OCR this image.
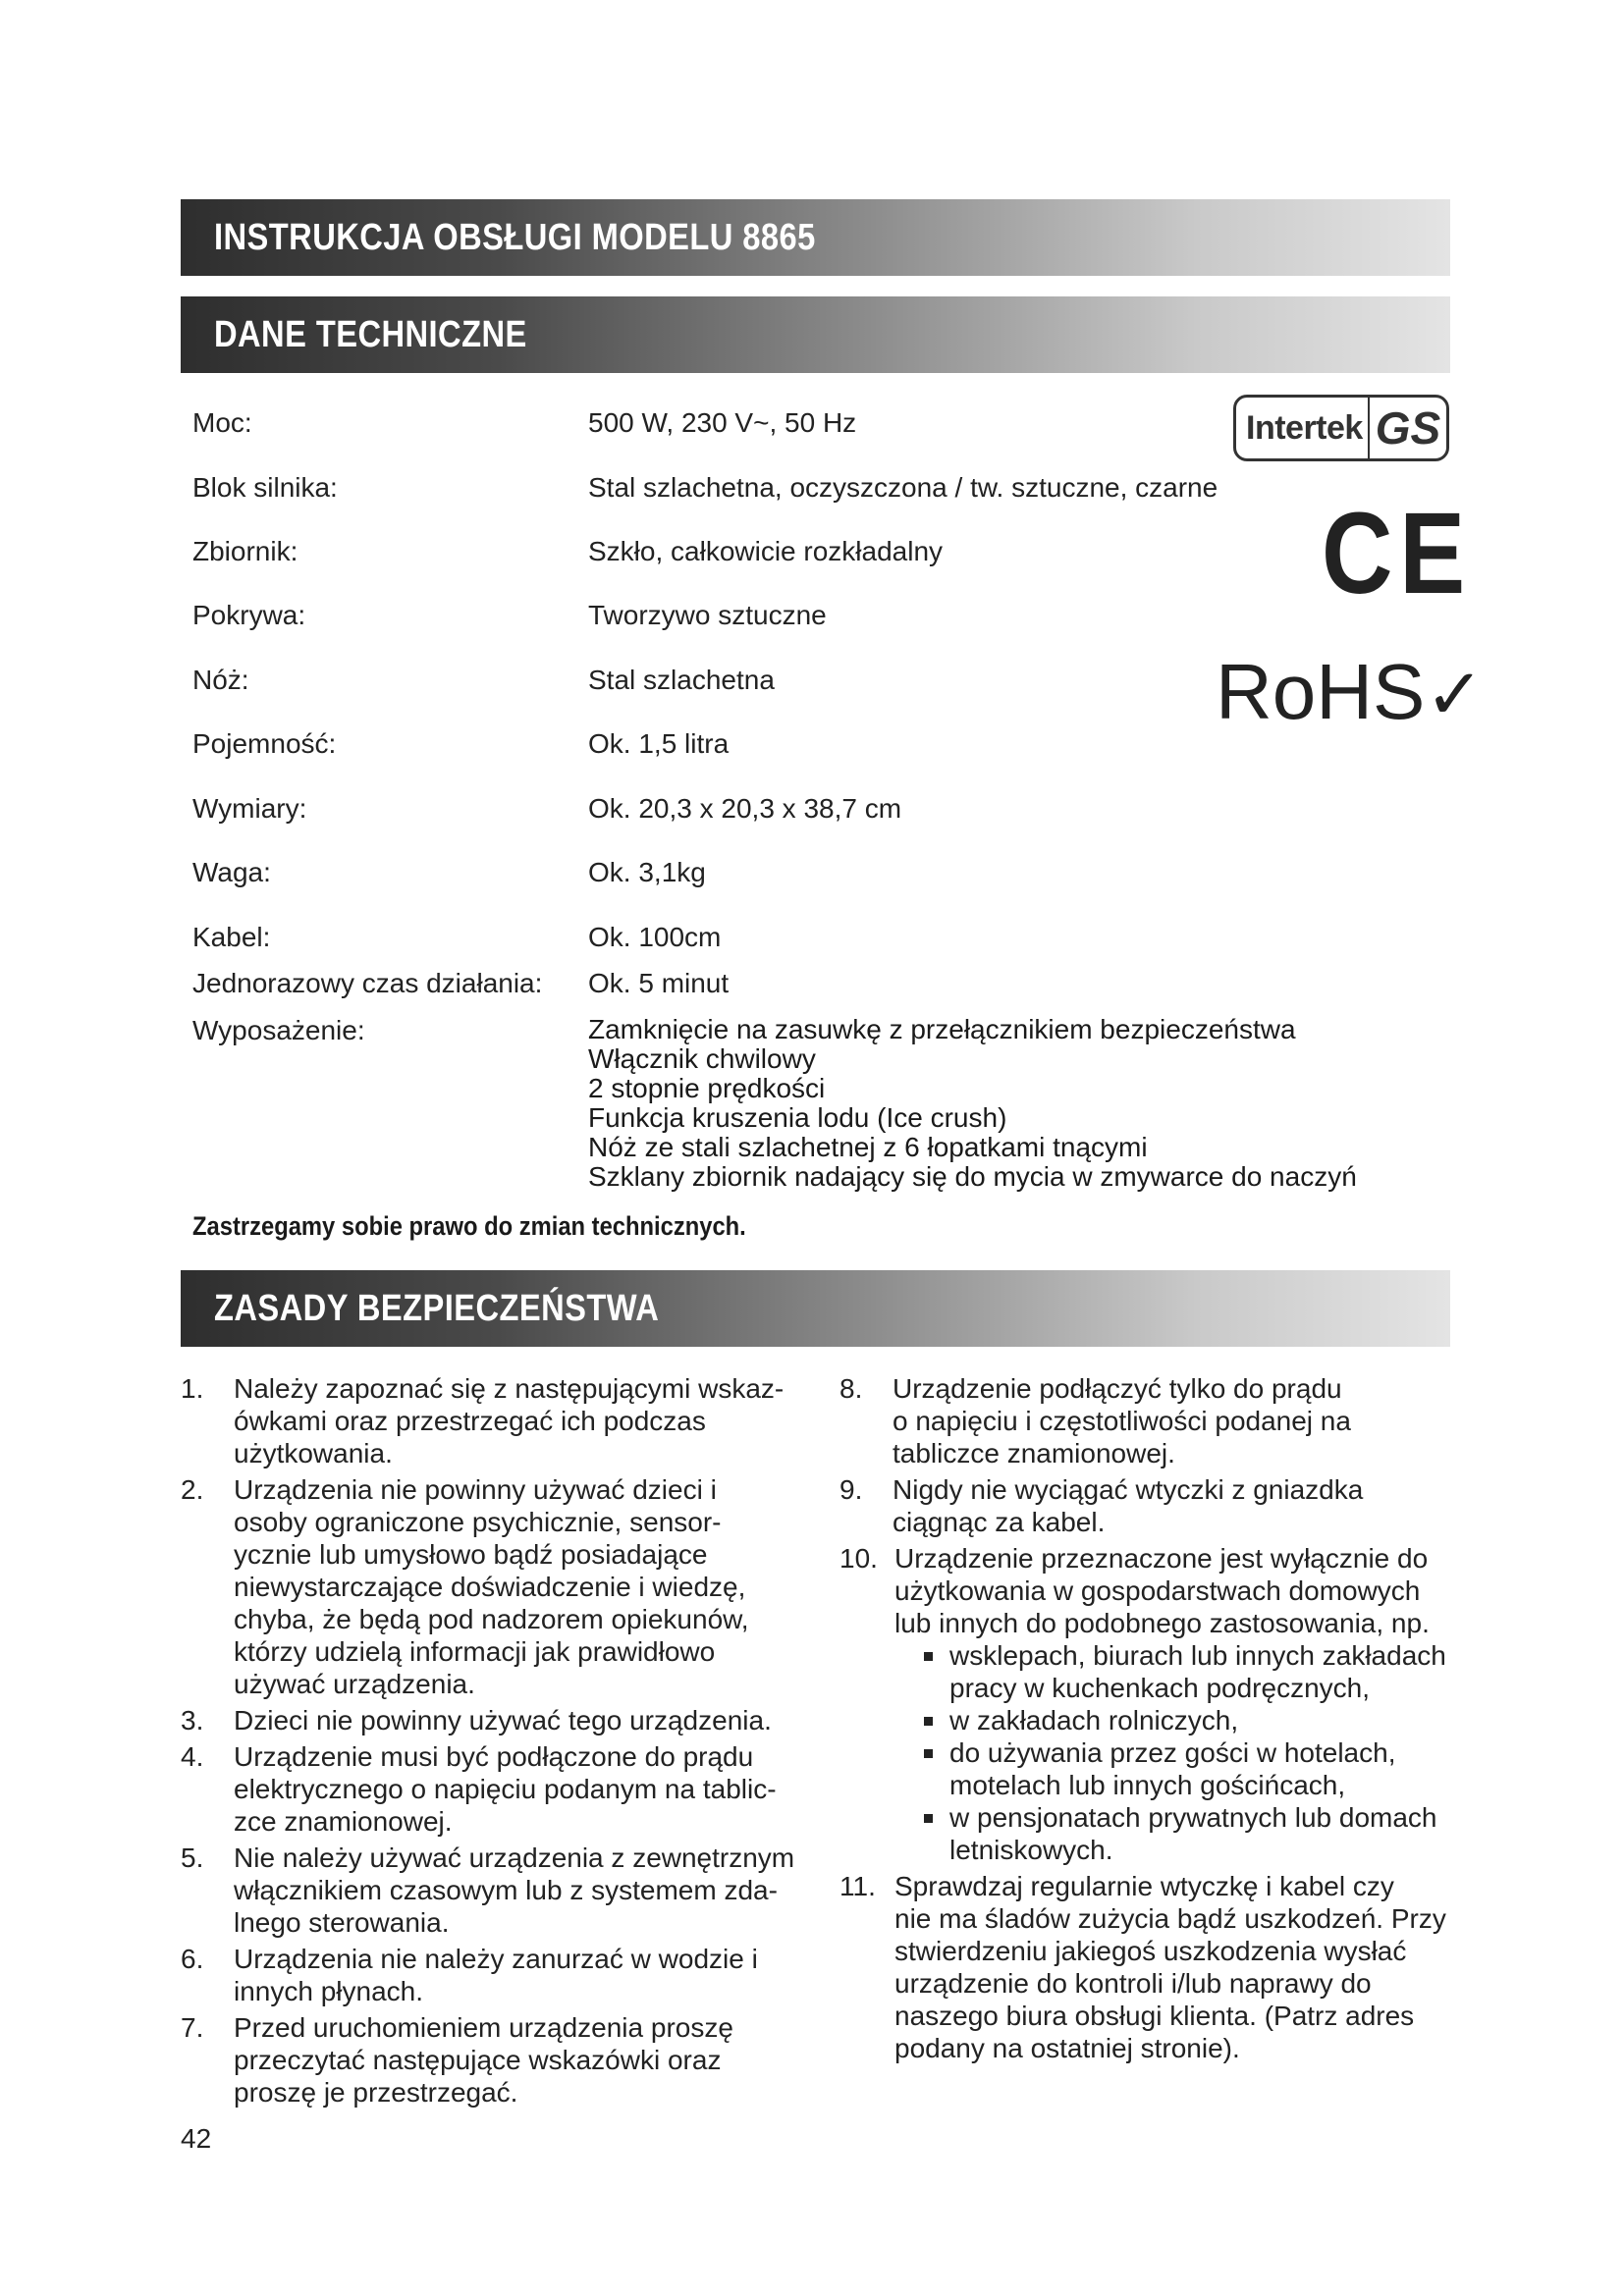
INSTRUKCJA OBSŁUGI MODELU 8865
DANE TECHNICZNE
Moc:	500 W, 230 V~, 50 Hz
Blok silnika:	Stal szlachetna, oczyszczona / tw. sztuczne, czarne
Zbiornik:	Szkło, całkowicie rozkładalny
Pokrywa:	Tworzywo sztuczne
Nóż:	Stal szlachetna
Pojemność:	Ok. 1,5 litra
Wymiary:	Ok. 20,3 x 20,3 x 38,7 cm
Waga:	Ok. 3,1kg
Kabel:	Ok. 100cm
Jednorazowy czas działania: Ok. 5 minut
Wyposażenie:	Zamknięcie na zasuwkę z przełącznikiem bezpieczeństwa
Włącznik chwilowy
2 stopnie prędkości
Funkcja kruszenia lodu (Ice crush)
Nóż ze stali szlachetnej z 6 łopatkami tnącymi
Szklany zbiornik nadający się do mycia w zmywarce do naczyń
Zastrzegamy sobie prawo do zmian technicznych.
Intertek GS
CE
RoHS✓
ZASADY BEZPIECZEŃSTWA
1. Należy zapoznać się z następującymi wskaz-
ówkami oraz przestrzegać ich podczas
użytkowania.
2. Urządzenia nie powinny używać dzieci i
osoby ograniczone psychicznie, sensor-
ycznie lub umysłowo bądź posiadające
niewystarczające doświadczenie i wiedzę,
chyba, że będą pod nadzorem opiekunów,
którzy udzielą informacji jak prawidłowo
używać urządzenia.
3. Dzieci nie powinny używać tego urządzenia.
4. Urządzenie musi być podłączone do prądu
elektrycznego o napięciu podanym na tablic-
zce znamionowej.
5. Nie należy używać urządzenia z zewnętrznym
włącznikiem czasowym lub z systemem zda-
lnego sterowania.
6. Urządzenia nie należy zanurzać w wodzie i
innych płynach.
7. Przed uruchomieniem urządzenia proszę
przeczytać następujące wskazówki oraz
proszę je przestrzegać.
8. Urządzenie podłączyć tylko do prądu
o napięciu i częstotliwości podanej na
tabliczce znamionowej.
9. Nigdy nie wyciągać wtyczki z gniazdka
ciągnąc za kabel.
10. Urządzenie przeznaczone jest wyłącznie do
użytkowania w gospodarstwach domowych
lub innych do podobnego zastosowania, np.
wsklepach, biurach lub innych zakładach
pracy w kuchenkach podręcznych,
w zakładach rolniczych,
do używania przez gości w hotelach,
motelach lub innych gościńcach,
w pensjonatach prywatnych lub domach
letniskowych.
11. Sprawdzaj regularnie wtyczkę i kabel czy
nie ma śladów zużycia bądź uszkodzeń. Przy
stwierdzeniu jakiegoś uszkodzenia wysłać
urządzenie do kontroli i/lub naprawy do
naszego biura obsługi klienta. (Patrz adres
podany na ostatniej stronie).
42
